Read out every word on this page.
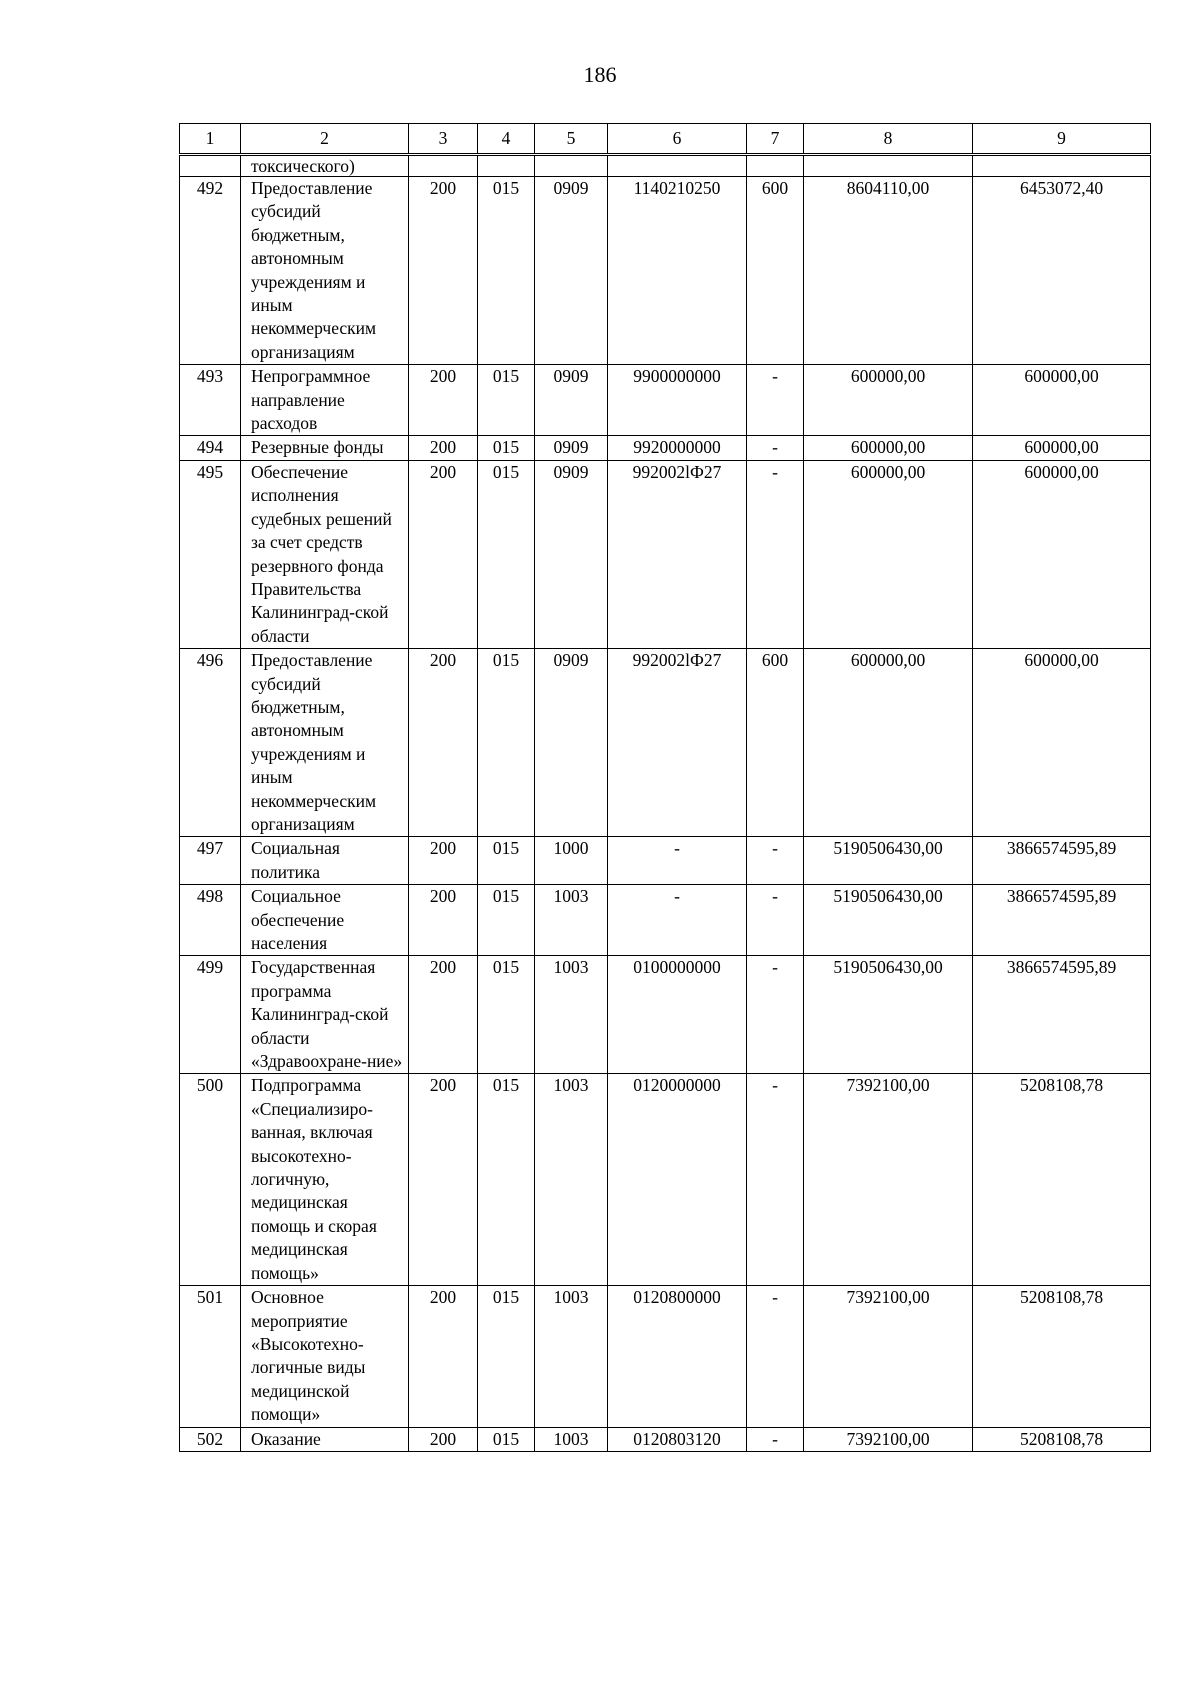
186
1	2	3	4	5	6	7	8	9
	токсического)							
492	Предоставление субсидий бюджетным, автономным учреждениям и иным некоммерческим организациям	200	015	0909	1140210250	600	8604110,00	6453072,40
493	Непрограммное направление расходов	200	015	0909	9900000000	-	600000,00	600000,00
494	Резервные фонды	200	015	0909	9920000000	-	600000,00	600000,00
495	Обеспечение исполнения судебных решений за счет средств резервного фонда Правительства Калининград-ской области	200	015	0909	992002lФ27	-	600000,00	600000,00
496	Предоставление субсидий бюджетным, автономным учреждениям и иным некоммерческим организациям	200	015	0909	992002lФ27	600	600000,00	600000,00
497	Социальная политика	200	015	1000	-	-	5190506430,00	3866574595,89
498	Социальное обеспечение населения	200	015	1003	-	-	5190506430,00	3866574595,89
499	Государственная программа Калининград-ской области «Здравоохране-ние»	200	015	1003	0100000000	-	5190506430,00	3866574595,89
500	Подпрограмма «Специализиро-ванная, включая высокотехно-логичную, медицинская помощь и скорая медицинская помощь»	200	015	1003	0120000000	-	7392100,00	5208108,78
501	Основное мероприятие «Высокотехно-логичные виды медицинской помощи»	200	015	1003	0120800000	-	7392100,00	5208108,78
502	Оказание	200	015	1003	0120803120	-	7392100,00	5208108,78
